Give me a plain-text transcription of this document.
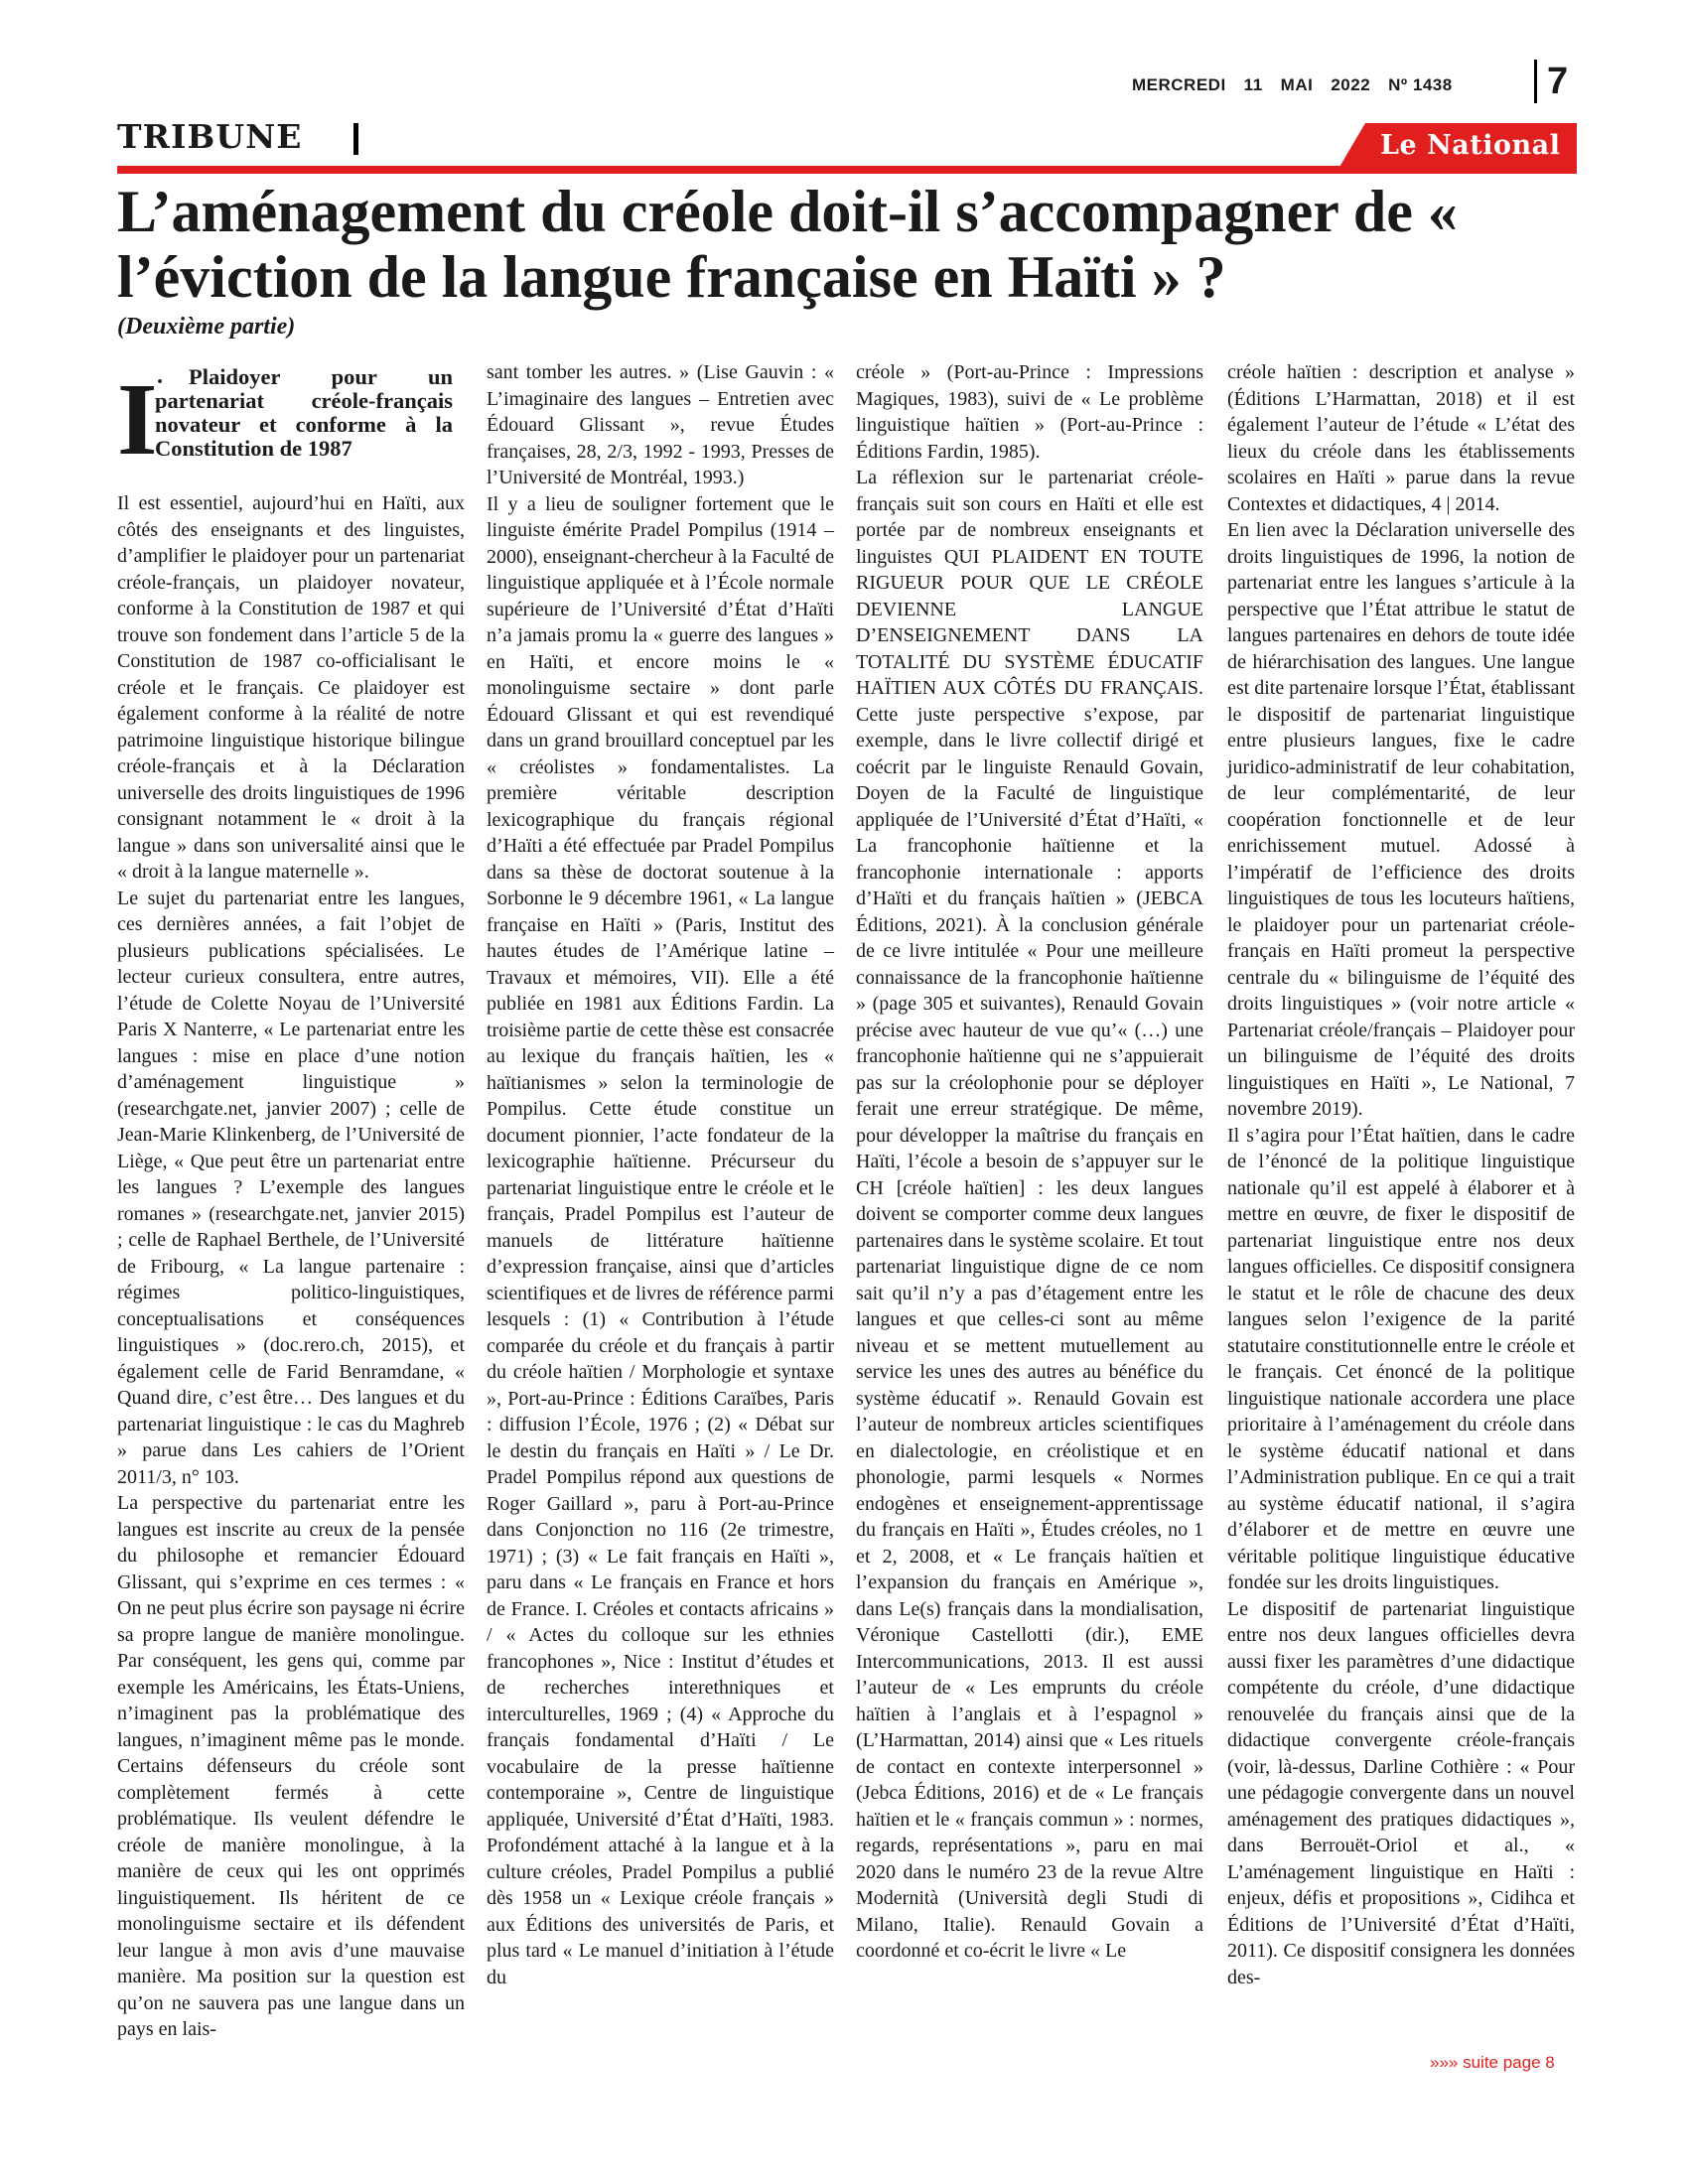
MERCREDI 11 MAI 2022 Nº 1438	7
TRIBUNE	Le National
L’aménagement du créole doit-il s’accompagner de « l’éviction de la langue française en Haïti » ?
(Deuxième partie)
I .	Plaidoyer pour un partenariat créole-français novateur et conforme à la Constitution de 1987

Il est essentiel, aujourd’hui en Haïti, aux côtés des enseignants et des linguistes, d’amplifier le plaidoyer pour un partenariat créole-français, un plaidoyer novateur, conforme à la Constitution de 1987 et qui trouve son fondement dans l’article 5 de la Constitution de 1987 co-officialisant le créole et le français. Ce plaidoyer est également conforme à la réalité de notre patrimoine linguistique historique bilingue créole-français et à la Déclaration universelle des droits linguistiques de 1996 consignant notamment le « droit à la langue » dans son universalité ainsi que le « droit à la langue maternelle ».

Le sujet du partenariat entre les langues, ces dernières années, a fait l’objet de plusieurs publications spécialisées. Le lecteur curieux consultera, entre autres, l’étude de Colette Noyau de l’Université Paris X Nanterre, « Le partenariat entre les langues : mise en place d’une notion d’aménagement linguistique » (researchgate.net, janvier 2007) ; celle de Jean-Marie Klinkenberg, de l’Université de Liège, « Que peut être un partenariat entre les langues ? L’exemple des langues romanes » (researchgate.net, janvier 2015) ; celle de Raphael Berthele, de l’Université de Fribourg, « La langue partenaire : régimes politico-linguistiques, conceptualisations et conséquences linguistiques » (doc.rero.ch, 2015), et également celle de Farid Benramdane, « Quand dire, c’est être… Des langues et du partenariat linguistique : le cas du Maghreb » parue dans Les cahiers de l’Orient 2011/3, n° 103.

La perspective du partenariat entre les langues est inscrite au creux de la pensée du philosophe et remancier Édouard Glissant, qui s’exprime en ces termes : « On ne peut plus écrire son paysage ni écrire sa propre langue de manière monolingue. Par conséquent, les gens qui, comme par exemple les Américains, les États-Uniens, n’imaginent pas la problématique des langues, n’imaginent même pas le monde. Certains défenseurs du créole sont complètement fermés à cette problématique. Ils veulent défendre le créole de manière monolingue, à la manière de ceux qui les ont opprimés linguistiquement. Ils héritent de ce monolinguisme sectaire et ils défendent leur langue à mon avis d’une mauvaise manière. Ma position sur la question est qu’on ne sauvera pas une langue dans un pays en lais-

sant tomber les autres. » (Lise Gauvin : « L’imaginaire des langues – Entretien avec Édouard Glissant », revue Études françaises, 28, 2/3, 1992 - 1993, Presses de l’Université de Montréal, 1993.)

Il y a lieu de souligner fortement que le linguiste émérite Pradel Pompilus (1914 – 2000), enseignant-chercheur à la Faculté de linguistique appliquée et à l’École normale supérieure de l’Université d’État d’Haïti n’a jamais promu la « guerre des langues » en Haïti, et encore moins le « monolinguisme sectaire » dont parle Édouard Glissant et qui est revendiqué dans un grand brouillard conceptuel par les « créolistes » fondamentalistes. La première véritable description lexicographique du français régional d’Haïti a été effectuée par Pradel Pompilus dans sa thèse de doctorat soutenue à la Sorbonne le 9 décembre 1961, « La langue française en Haïti » (Paris, Institut des hautes études de l’Amérique latine – Travaux et mémoires, VII). Elle a été publiée en 1981 aux Éditions Fardin. La troisième partie de cette thèse est consacrée au lexique du français haïtien, les « haïtianismes » selon la terminologie de Pompilus. Cette étude constitue un document pionnier, l’acte fondateur de la lexicographie haïtienne. Précurseur du partenariat linguistique entre le créole et le français, Pradel Pompilus est l’auteur de manuels de littérature haïtienne d’expression française, ainsi que d’articles scientifiques et de livres de référence parmi lesquels : (1) « Contribution à l’étude comparée du créole et du français à partir du créole haïtien / Morphologie et syntaxe », Port-au-Prince : Éditions Caraïbes, Paris : diffusion l’École, 1976 ; (2) « Débat sur le destin du français en Haïti » / Le Dr. Pradel Pompilus répond aux questions de Roger Gaillard », paru à Port-au-Prince dans Conjonction no 116 (2e trimestre, 1971) ; (3) « Le fait français en Haïti », paru dans « Le français en France et hors de France. I. Créoles et contacts africains » / « Actes du colloque sur les ethnies francophones », Nice : Institut d’études et de recherches interethniques et interculturelles, 1969 ; (4) « Approche du français fondamental d’Haïti / Le vocabulaire de la presse haïtienne contemporaine », Centre de linguistique appliquée, Université d’État d’Haïti, 1983. Profondément attaché à la langue et à la culture créoles, Pradel Pompilus a publié dès 1958 un « Lexique créole français » aux Éditions des universités de Paris, et plus tard « Le manuel d’initiation à l’étude du

créole » (Port-au-Prince : Impressions Magiques, 1983), suivi de « Le problème linguistique haïtien » (Port-au-Prince : Éditions Fardin, 1985).

La réflexion sur le partenariat créole-français suit son cours en Haïti et elle est portée par de nombreux enseignants et linguistes QUI PLAIDENT EN TOUTE RIGUEUR POUR QUE LE CRÉOLE DEVIENNE LANGUE D’ENSEIGNEMENT DANS LA TOTALITÉ DU SYSTÈME ÉDUCATIF HAÏTIEN AUX CÔTÉS DU FRANÇAIS. Cette juste perspective s’expose, par exemple, dans le livre collectif dirigé et coécrit par le linguiste Renauld Govain, Doyen de la Faculté de linguistique appliquée de l’Université d’État d’Haïti, « La francophonie haïtienne et la francophonie internationale : apports d’Haïti et du français haïtien » (JEBCA Éditions, 2021). À la conclusion générale de ce livre intitulée « Pour une meilleure connaissance de la francophonie haïtienne » (page 305 et suivantes), Renauld Govain précise avec hauteur de vue qu’« (…) une francophonie haïtienne qui ne s’appuierait pas sur la créolophonie pour se déployer ferait une erreur stratégique. De même, pour développer la maîtrise du français en Haïti, l’école a besoin de s’appuyer sur le CH [créole haïtien] : les deux langues doivent se comporter comme deux langues partenaires dans le système scolaire. Et tout partenariat linguistique digne de ce nom sait qu’il n’y a pas d’étagement entre les langues et que celles-ci sont au même niveau et se mettent mutuellement au service les unes des autres au bénéfice du système éducatif ». Renauld Govain est l’auteur de nombreux articles scientifiques en dialectologie, en créolistique et en phonologie, parmi lesquels « Normes endogènes et enseignement-apprentissage du français en Haïti », Études créoles, no 1 et 2, 2008, et « Le français haïtien et l’expansion du français en Amérique », dans Le(s) français dans la mondialisation, Véronique Castellotti (dir.), EME Intercommunications, 2013. Il est aussi l’auteur de « Les emprunts du créole haïtien à l’anglais et à l’espagnol » (L’Harmattan, 2014) ainsi que « Les rituels de contact en contexte interpersonnel » (Jebca Éditions, 2016) et de « Le français haïtien et le « français commun » : normes, regards, représentations », paru en mai 2020 dans le numéro 23 de la revue Altre Modernità (Università degli Studi di Milano, Italie). Renauld Govain a coordonné et co-écrit le livre « Le

créole haïtien : description et analyse » (Éditions L’Harmattan, 2018) et il est également l’auteur de l’étude « L’état des lieux du créole dans les établissements scolaires en Haïti » parue dans la revue Contextes et didactiques, 4 | 2014.

En lien avec la Déclaration universelle des droits linguistiques de 1996, la notion de partenariat entre les langues s’articule à la perspective que l’État attribue le statut de langues partenaires en dehors de toute idée de hiérarchisation des langues. Une langue est dite partenaire lorsque l’État, établissant le dispositif de partenariat linguistique entre plusieurs langues, fixe le cadre juridico-administratif de leur cohabitation, de leur complémentarité, de leur coopération fonctionnelle et de leur enrichissement mutuel. Adossé à l’impératif de l’efficience des droits linguistiques de tous les locuteurs haïtiens, le plaidoyer pour un partenariat créole-français en Haïti promeut la perspective centrale du « bilinguisme de l’équité des droits linguistiques » (voir notre article « Partenariat créole/français – Plaidoyer pour un bilinguisme de l’équité des droits linguistiques en Haïti », Le National, 7 novembre 2019).

Il s’agira pour l’État haïtien, dans le cadre de l’énoncé de la politique linguistique nationale qu’il est appelé à élaborer et à mettre en œuvre, de fixer le dispositif de partenariat linguistique entre nos deux langues officielles. Ce dispositif consignera le statut et le rôle de chacune des deux langues selon l’exigence de la parité statutaire constitutionnelle entre le créole et le français. Cet énoncé de la politique linguistique nationale accordera une place prioritaire à l’aménagement du créole dans le système éducatif national et dans l’Administration publique. En ce qui a trait au système éducatif national, il s’agira d’élaborer et de mettre en œuvre une véritable politique linguistique éducative fondée sur les droits linguistiques.

Le dispositif de partenariat linguistique entre nos deux langues officielles devra aussi fixer les paramètres d’une didactique compétente du créole, d’une didactique renouvelée du français ainsi que de la didactique convergente créole-français (voir, là-dessus, Darline Cothière : « Pour une pédagogie convergente dans un nouvel aménagement des pratiques didactiques », dans Berrouët-Oriol et al., « L’aménagement linguistique en Haïti : enjeux, défis et propositions », Cidihca et Éditions de l’Université d’État d’Haïti, 2011). Ce dispositif consignera les données des-

»»» suite page 8
